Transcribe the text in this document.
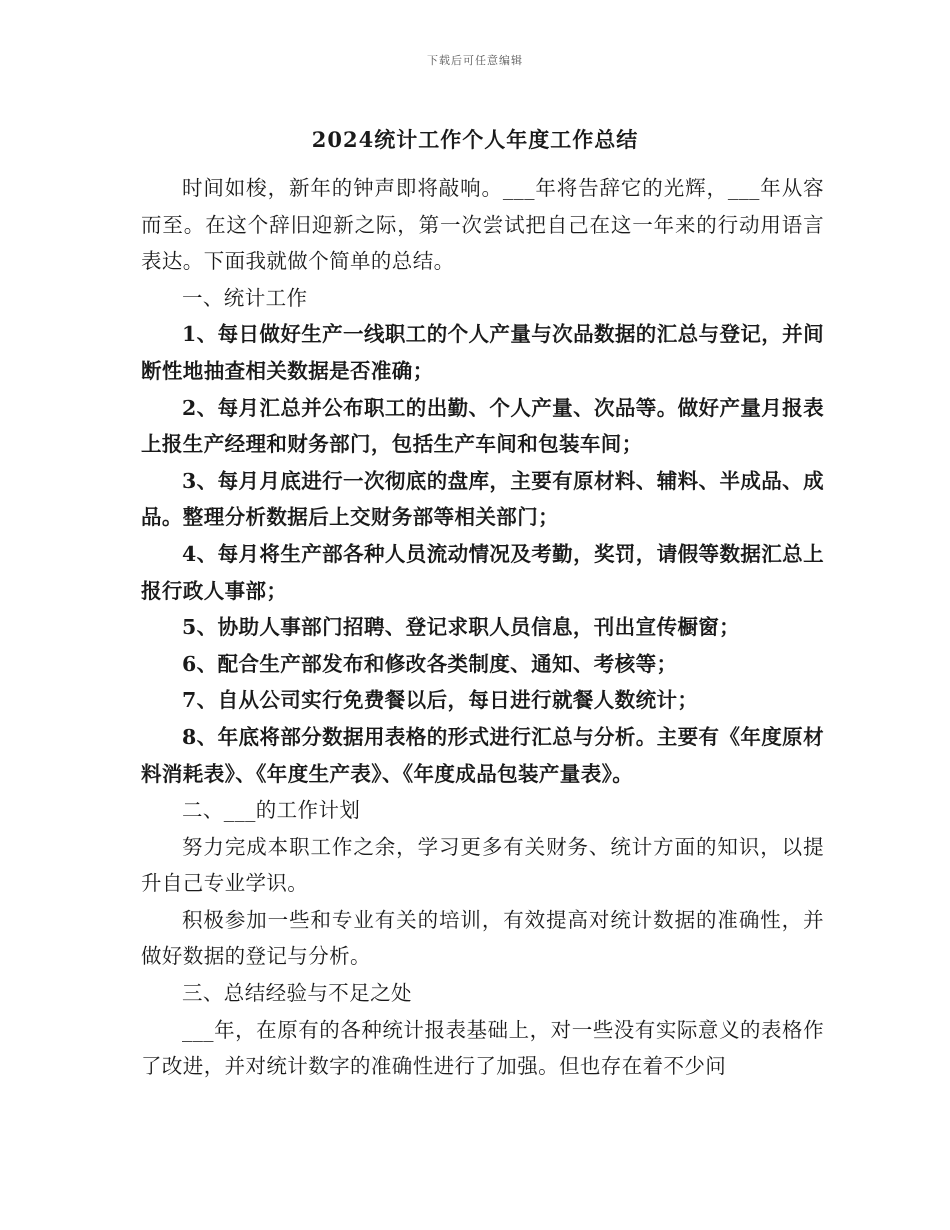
下载后可任意编辑
2024统计工作个人年度工作总结

时间如梭，新年的钟声即将敲响。___年将告辞它的光辉，___年从容而至。在这个辞旧迎新之际，第一次尝试把自己在这一年来的行动用语言表达。下面我就做个简单的总结。

一、统计工作

1、每日做好生产一线职工的个人产量与次品数据的汇总与登记，并间断性地抽查相关数据是否准确；

2、每月汇总并公布职工的出勤、个人产量、次品等。做好产量月报表上报生产经理和财务部门，包括生产车间和包装车间；

3、每月月底进行一次彻底的盘库，主要有原材料、辅料、半成品、成品。整理分析数据后上交财务部等相关部门；

4、每月将生产部各种人员流动情况及考勤，奖罚，请假等数据汇总上报行政人事部；

5、协助人事部门招聘、登记求职人员信息，刊出宣传橱窗；

6、配合生产部发布和修改各类制度、通知、考核等；

7、自从公司实行免费餐以后，每日进行就餐人数统计；

8、年底将部分数据用表格的形式进行汇总与分析。主要有《年度原材料消耗表》、《年度生产表》、《年度成品包装产量表》。

二、___的工作计划

努力完成本职工作之余，学习更多有关财务、统计方面的知识，以提升自己专业学识。

积极参加一些和专业有关的培训，有效提高对统计数据的准确性，并做好数据的登记与分析。

三、总结经验与不足之处

___年，在原有的各种统计报表基础上，对一些没有实际意义的表格作了改进，并对统计数字的准确性进行了加强。但也存在着不少问
